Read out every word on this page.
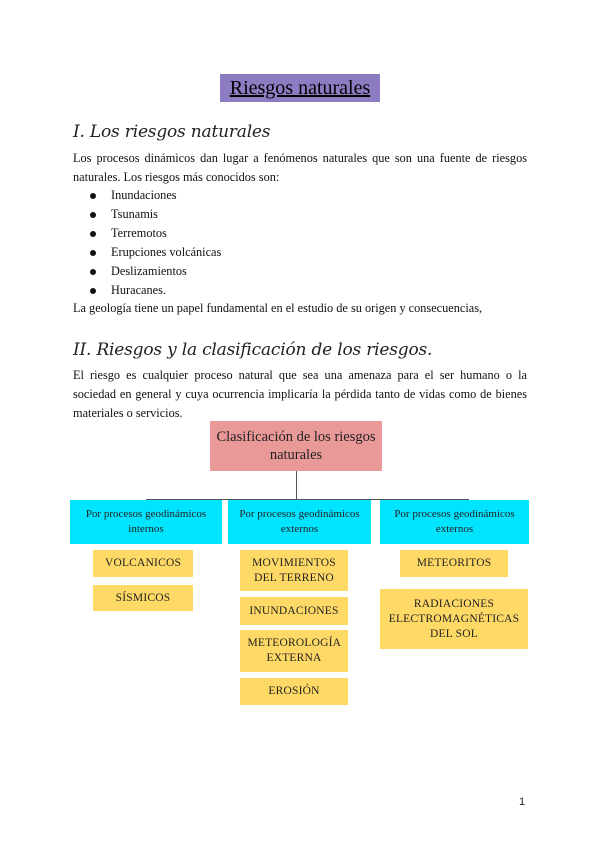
Riesgos naturales
I. Los riesgos naturales
Los procesos dinámicos dan lugar a fenómenos naturales que son una fuente de riesgos naturales. Los riesgos más conocidos son:
Inundaciones
Tsunamis
Terremotos
Erupciones volcánicas
Deslizamientos
Huracanes.
La geología tiene un papel fundamental en el estudio de su origen y consecuencias,
II. Riesgos y la clasificación de los riesgos.
El riesgo es cualquier proceso natural que sea una amenaza para el ser humano o la sociedad en general y cuya ocurrencia implicaría la pérdida tanto de vidas como de bienes materiales o servicios.
Clasificación de los riesgos naturales
Por procesos geodinámicos internos
Por procesos geodinámicos externos
Por procesos geodinámicos externos
VOLCANICOS
SÍSMICOS
MOVIMIENTOS DEL TERRENO
INUNDACIONES
METEOROLOGÍA EXTERNA
EROSIÓN
METEORITOS
RADIACIONES ELECTROMAGNÉTICAS DEL SOL
1
